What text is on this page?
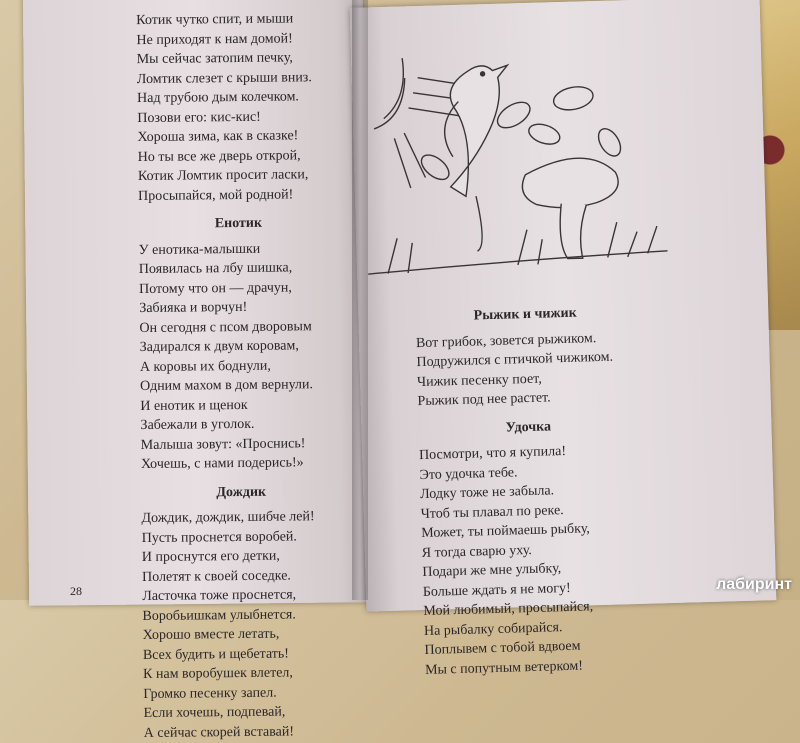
Котик чутко спит, и мыши
Не приходят к нам домой!
Мы сейчас затопим печку,
Ломтик слезет с крыши вниз.
Над трубою дым колечком.
Позови его: кис-кис!
Хороша зима, как в сказке!
Но ты все же дверь открой,
Котик Ломтик просит ласки,
Просыпайся, мой родной!
Енотик
У енотика-малышки
Появилась на лбу шишка,
Потому что он — драчун,
Забияка и ворчун!
Он сегодня с псом дворовым
Задирался к двум коровам,
А коровы их боднули,
Одним махом в дом вернули.
И енотик и щенок
Забежали в уголок.
Малыша зовут: «Проснись!
Хочешь, с нами подерись!»
Дождик
Дождик, дождик, шибче лей!
Пусть проснется воробей.
И проснутся его детки,
Полетят к своей соседке.
Ласточка тоже проснется,
Воробьишкам улыбнется.
Хорошо вместе летать,
Всех будить и щебетать!
К нам воробушек влетел,
Громко песенку запел.
Если хочешь, подпевай,
А сейчас скорей вставай!
28
Рыжик и чижик
Вот грибок, зовется рыжиком.
Подружился с птичкой чижиком.
Чижик песенку поет,
Рыжик под нее растет.
Удочка
Посмотри, что я купила!
Это удочка тебе.
Лодку тоже не забыла.
Чтоб ты плавал по реке.
Может, ты поймаешь рыбку,
Я тогда сварю уху.
Подари же мне улыбку,
Больше ждать я не могу!
Мой любимый, просыпайся,
На рыбалку собирайся.
Поплывем с тобой вдвоем
Мы с попутным ветерком!
лабиринт
